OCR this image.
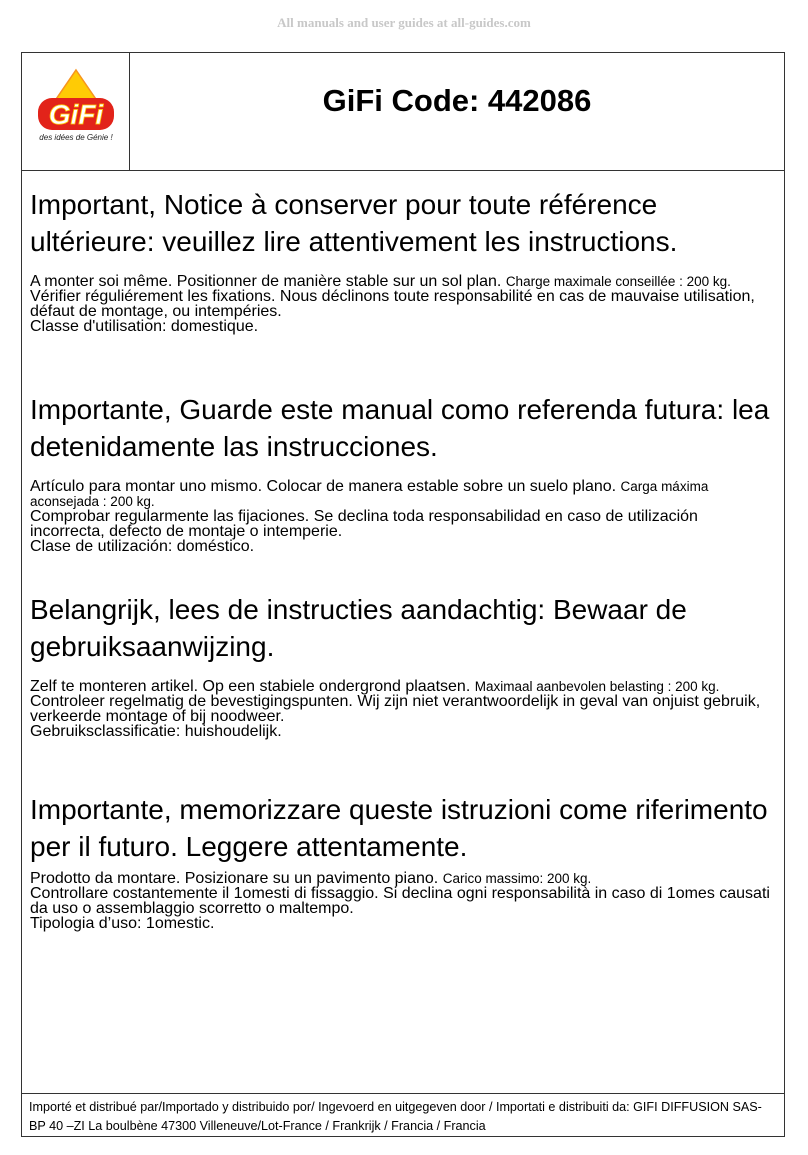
All manuals and user guides at all-guides.com
GiFi
des idées de Génie !
GiFi Code: 442086
Important, Notice à conserver pour toute référence ultérieure: veuillez lire attentivement les instructions.

A monter soi même. Positionner de manière stable sur un sol plan. Charge maximale conseillée : 200 kg.

Vérifier réguliérement les fixations. Nous déclinons toute responsabilité en cas de mauvaise utilisation, défaut de montage, ou intempéries.

Classe d'utilisation: domestique.

Importante, Guarde este manual como referenda futura: lea detenidamente las instrucciones.

Artículo para montar uno mismo. Colocar de manera estable sobre un suelo plano. Carga máxima aconsejada : 200 kg.

Comprobar regularmente las fijaciones. Se declina toda responsabilidad en caso de utilización incorrecta, defecto de montaje o intemperie.

Clase de utilización: doméstico.

Belangrijk, lees de instructies aandachtig: Bewaar de gebruiksaanwijzing.

Zelf te monteren artikel. Op een stabiele ondergrond plaatsen. Maximaal aanbevolen belasting : 200 kg.

Controleer regelmatig de bevestigingspunten. Wij zijn niet verantwoordelijk in geval van onjuist gebruik, verkeerde montage of bij noodweer.

Gebruiksclassificatie: huishoudelijk.

Importante, memorizzare queste istruzioni come riferimento per il futuro. Leggere attentamente.

Prodotto da montare. Posizionare su un pavimento piano. Carico massimo: 200 kg.

Controllare costantemente il 1omesti di fissaggio. Si declina ogni responsabilità in caso di 1omes causati da uso o assemblaggio scorretto o maltempo.

Tipologia d’uso: 1omestic.

Importé et distribué par/Importado y distribuido por/ Ingevoerd en uitgegeven door / Importati e distribuiti da: GIFI DIFFUSION SAS-BP 40 –ZI La boulbène 47300 Villeneuve/Lot-France / Frankrijk / Francia / Francia
